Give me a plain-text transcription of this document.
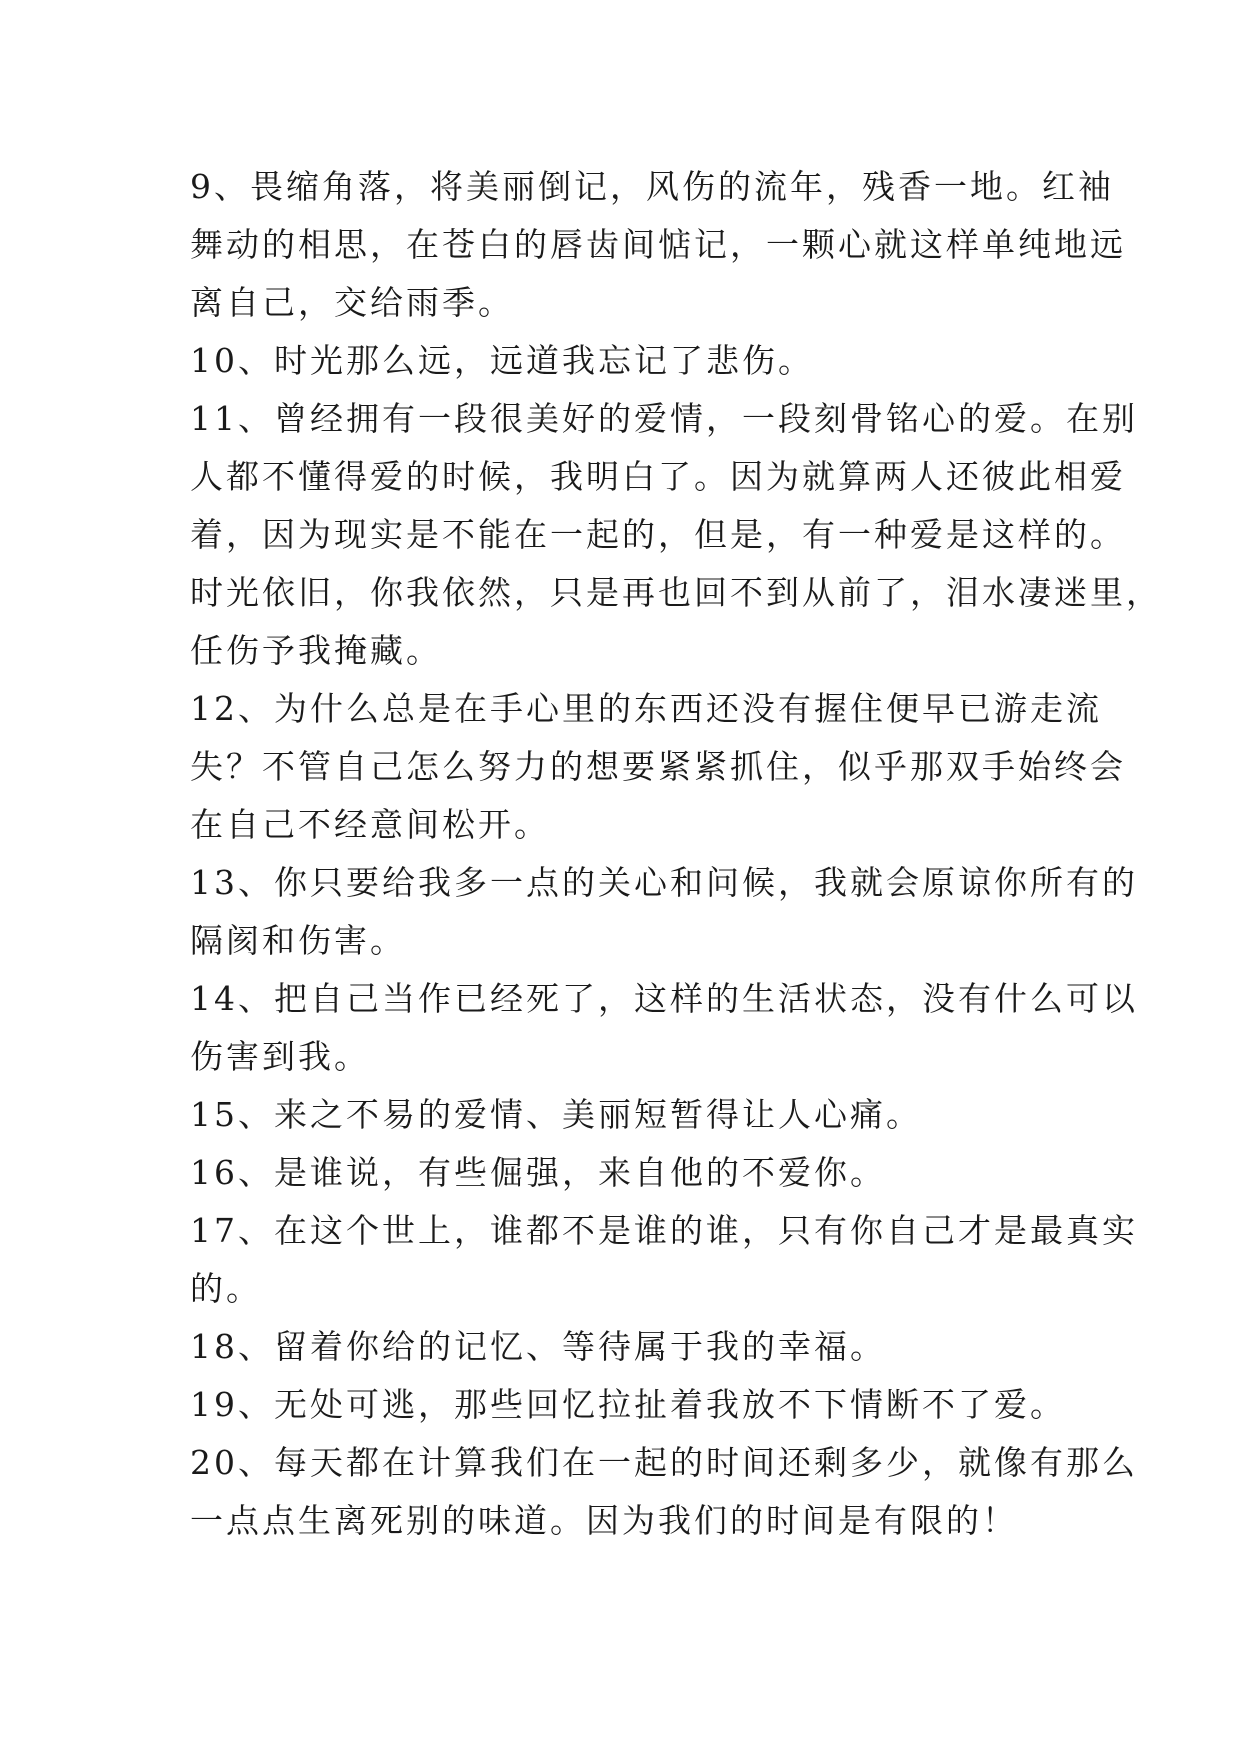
9、畏缩角落，将美丽倒记，风伤的流年，残香一地。红袖
舞动的相思，在苍白的唇齿间惦记，一颗心就这样单纯地远
离自己，交给雨季。
10、时光那么远，远道我忘记了悲伤。
11、曾经拥有一段很美好的爱情，一段刻骨铭心的爱。在别
人都不懂得爱的时候，我明白了。因为就算两人还彼此相爱
着，因为现实是不能在一起的，但是，有一种爱是这样的。
时光依旧，你我依然，只是再也回不到从前了，泪水凄迷里，
任伤予我掩藏。
12、为什么总是在手心里的东西还没有握住便早已游走流
失？不管自己怎么努力的想要紧紧抓住，似乎那双手始终会
在自己不经意间松开。
13、你只要给我多一点的关心和问候，我就会原谅你所有的
隔阂和伤害。
14、把自己当作已经死了，这样的生活状态，没有什么可以
伤害到我。
15、来之不易的爱情、美丽短暂得让人心痛。
16、是谁说，有些倔强，来自他的不爱你。
17、在这个世上，谁都不是谁的谁，只有你自己才是最真实
的。
18、留着你给的记忆、等待属于我的幸福。
19、无处可逃，那些回忆拉扯着我放不下情断不了爱。
20、每天都在计算我们在一起的时间还剩多少，就像有那么
一点点生离死别的味道。因为我们的时间是有限的！
